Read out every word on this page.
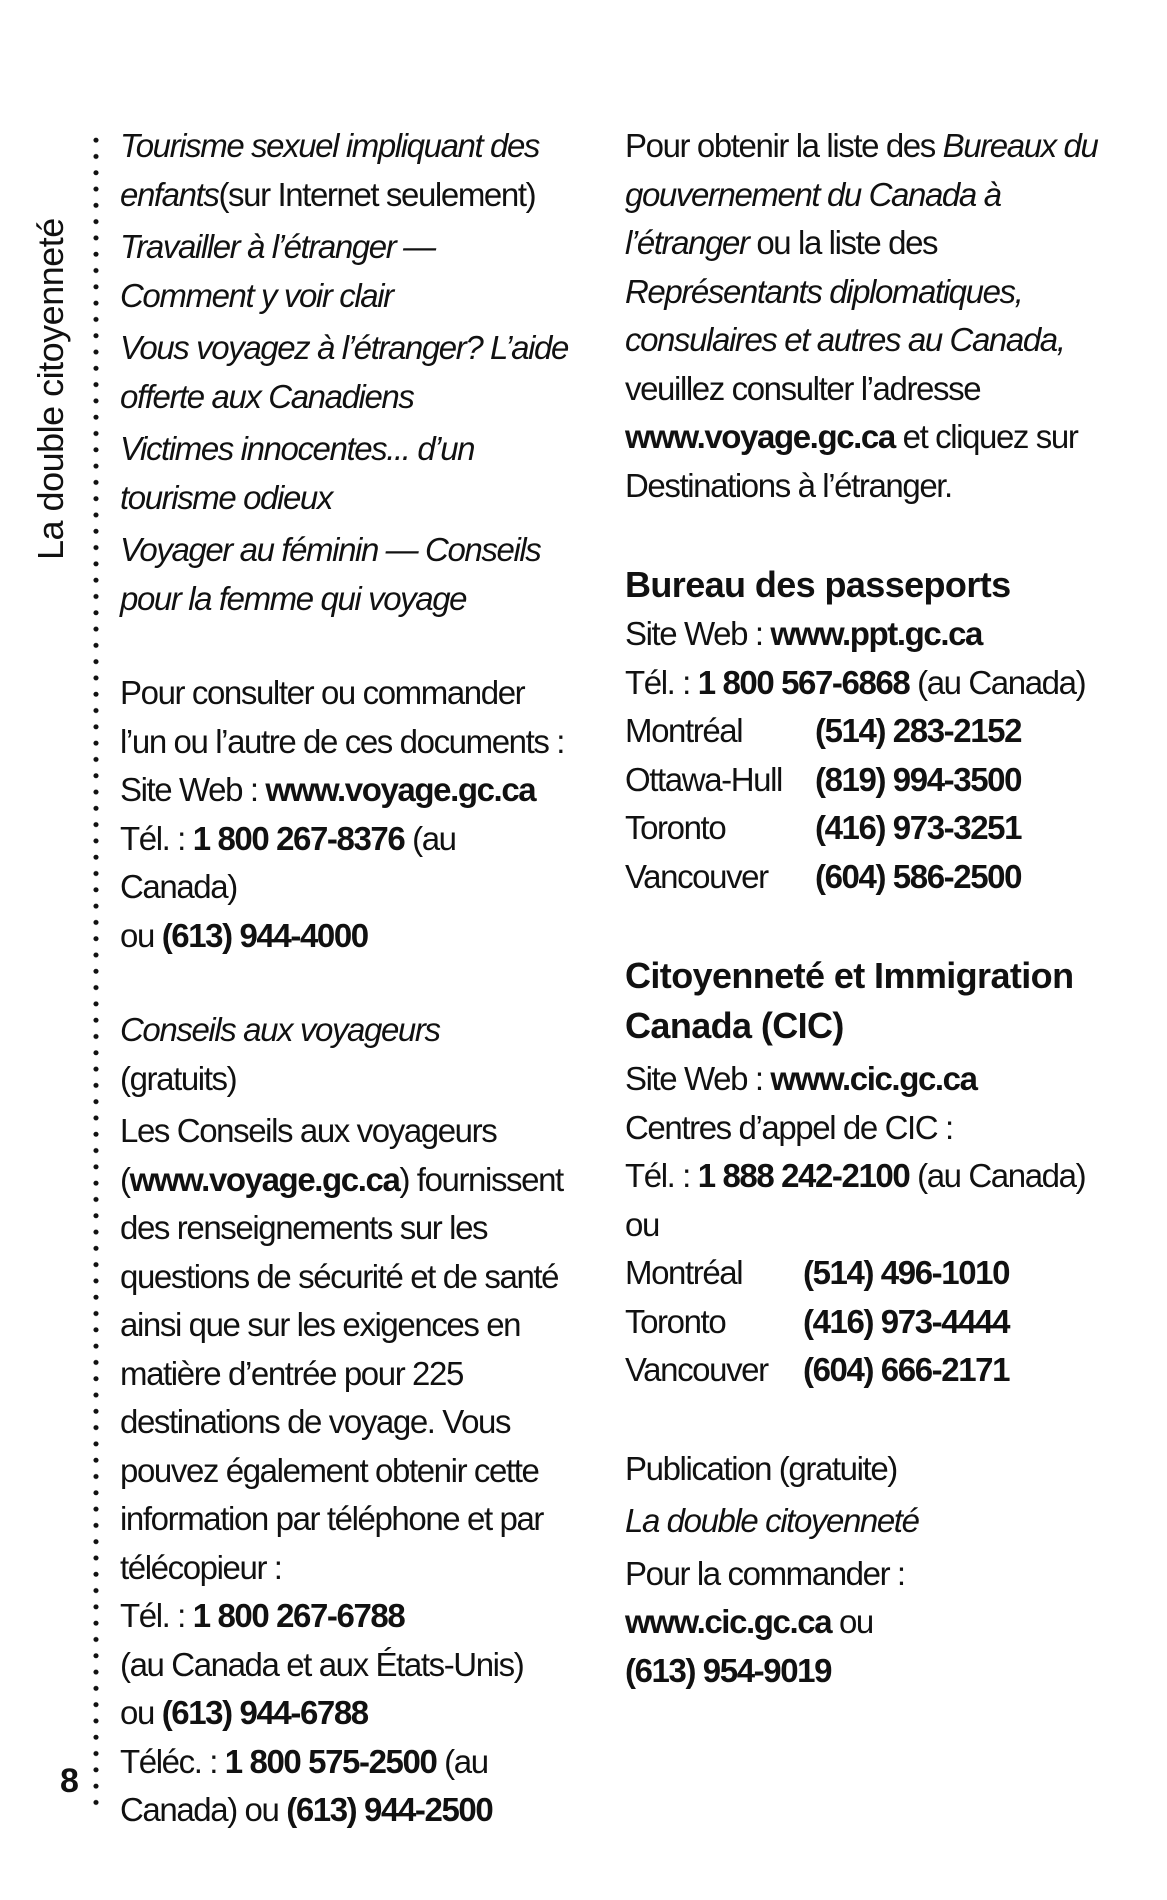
La double citoyenneté
8

Tourisme sexuel impliquant des enfants(sur Internet seulement)

Travailler à l’étranger — Comment y voir clair

Vous voyagez à l’étranger? L’aide offerte aux Canadiens

Victimes innocentes... d’un tourisme odieux

Voyager au féminin — Conseils pour la femme qui voyage

Pour consulter ou commander l’un ou l’autre de ces documents :
Site Web : www.voyage.gc.ca
Tél. : 1 800 267-8376 (au Canada)
ou (613) 944-4000

Conseils aux voyageurs
(gratuits)

Les Conseils aux voyageurs (www.voyage.gc.ca) fournissent des renseignements sur les questions de sécurité et de santé ainsi que sur les exigences en matière d’entrée pour 225 destinations de voyage. Vous pouvez également obtenir cette information par téléphone et par télécopieur :
Tél. : 1 800 267-6788
(au Canada et aux États-Unis)
ou (613) 944-6788
Téléc. : 1 800 575-2500 (au Canada) ou (613) 944-2500

Pour obtenir la liste des Bureaux du gouvernement du Canada à l’étranger ou la liste des Représentants diplomatiques, consulaires et autres au Canada, veuillez consulter l’adresse www.voyage.gc.ca et cliquez sur Destinations à l’étranger.

Bureau des passeports

Site Web : www.ppt.gc.ca
Tél. : 1 800 567-6868 (au Canada)

Montréal	(514) 283-2152
Ottawa-Hull	(819) 994-3500
Toronto	(416) 973-3251
Vancouver	(604) 586-2500

Citoyenneté et Immigration Canada (CIC)

Site Web : www.cic.gc.ca
Centres d’appel de CIC :
Tél. : 1 888 242-2100 (au Canada)
ou

Montréal	(514) 496-1010
Toronto	(416) 973-4444
Vancouver	(604) 666-2171

Publication (gratuite)

La double citoyenneté

Pour la commander :
www.cic.gc.ca ou
(613) 954-9019
